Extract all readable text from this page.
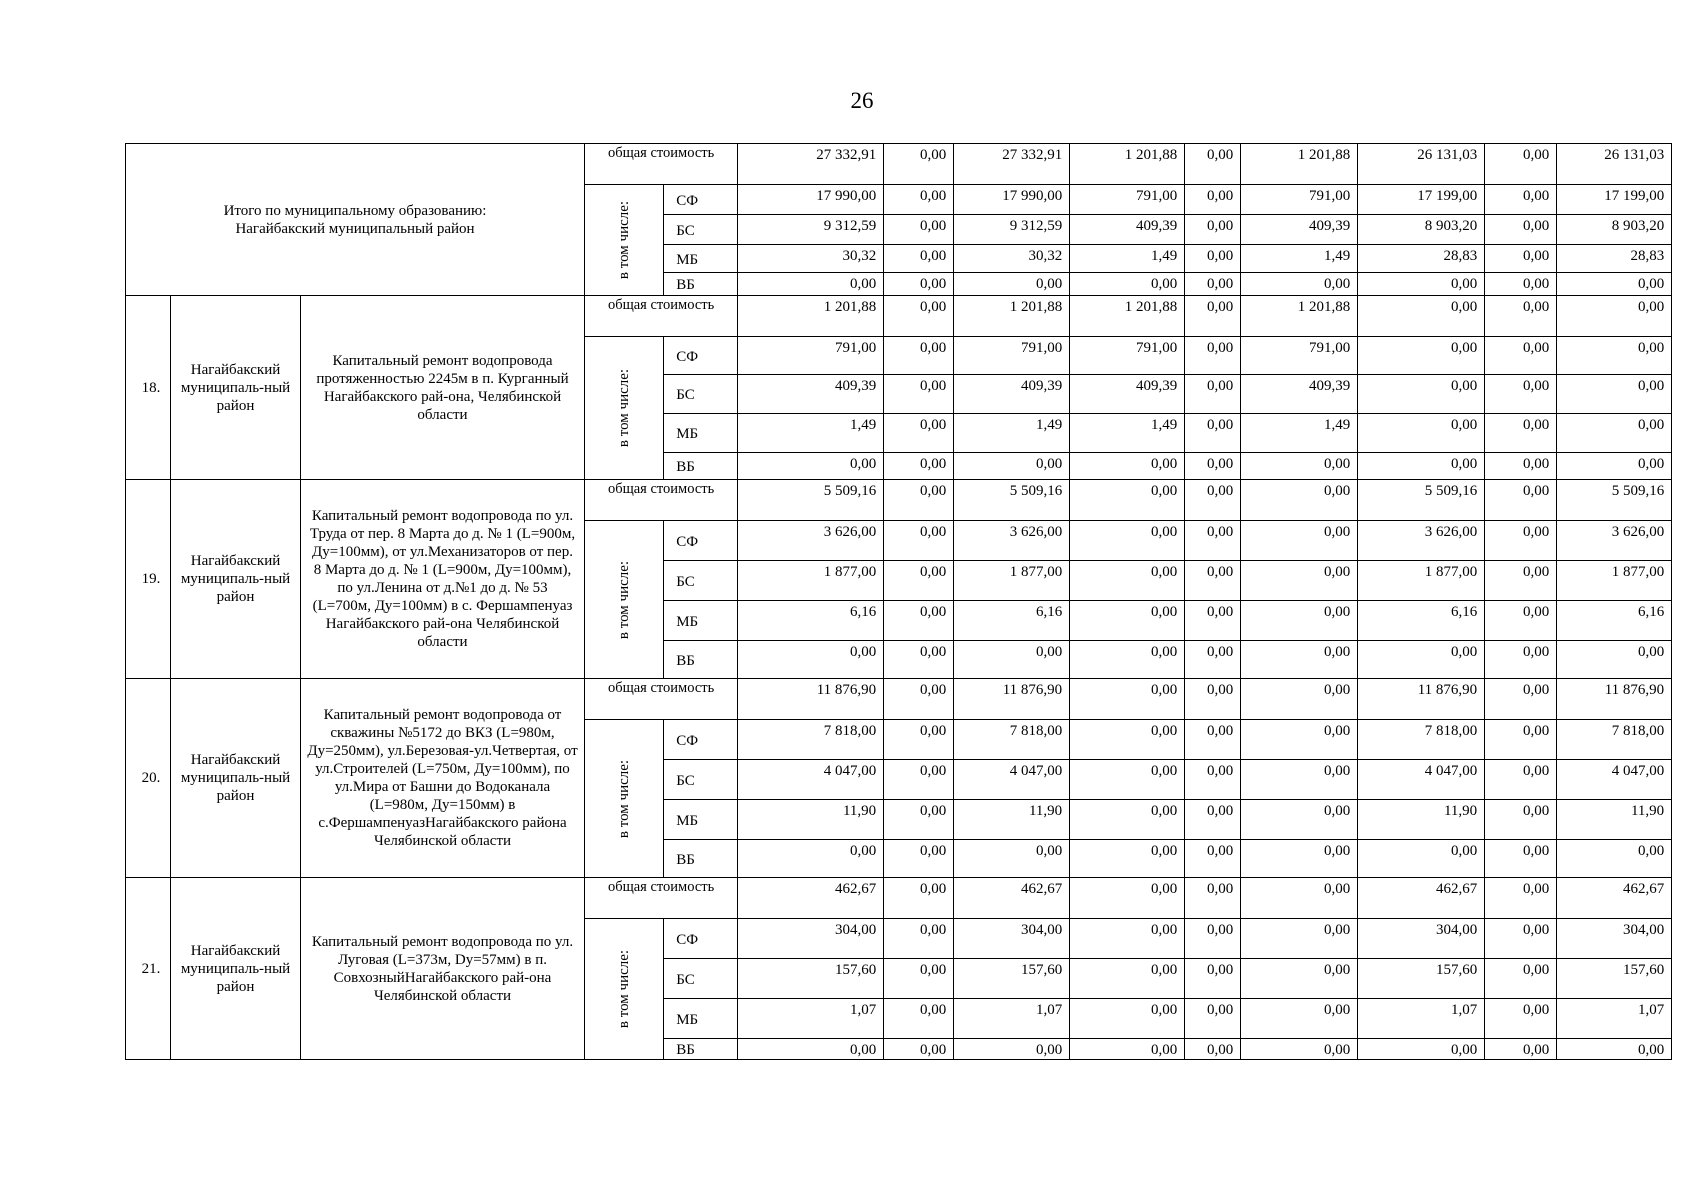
26
Итого по муниципальному образованию:
Нагайбакский муниципальный район			общая стоимость		27 332,91	0,00	27 332,91	1 201,88	0,00	1 201,88	26 131,03	0,00	26 131,03
			в том числе:	СФ	17 990,00	0,00	17 990,00	791,00	0,00	791,00	17 199,00	0,00	17 199,00
				БС	9 312,59	0,00	9 312,59	409,39	0,00	409,39	8 903,20	0,00	8 903,20
				МБ	30,32	0,00	30,32	1,49	0,00	1,49	28,83	0,00	28,83
				ВБ	0,00	0,00	0,00	0,00	0,00	0,00	0,00	0,00	0,00
18.	Нагайбакский муниципаль-ный район	Капитальный ремонт водопровода протяженностью 2245м в п. Курганный Нагайбакского рай-она, Челябинской области	общая стоимость		1 201,88	0,00	1 201,88	1 201,88	0,00	1 201,88	0,00	0,00	0,00
			в том числе:	СФ	791,00	0,00	791,00	791,00	0,00	791,00	0,00	0,00	0,00
				БС	409,39	0,00	409,39	409,39	0,00	409,39	0,00	0,00	0,00
				МБ	1,49	0,00	1,49	1,49	0,00	1,49	0,00	0,00	0,00
				ВБ	0,00	0,00	0,00	0,00	0,00	0,00	0,00	0,00	0,00
19.	Нагайбакский муниципаль-ный район	Капитальный ремонт водопровода по ул. Труда от пер. 8 Марта до д. № 1 (L=900м, Ду=100мм), от ул.Механизаторов от пер. 8 Марта до д. № 1 (L=900м, Ду=100мм), по ул.Ленина от д.№1 до д. № 53 (L=700м, Ду=100мм) в с. Фершампенуаз Нагайбакского рай-она Челябинской области	общая стоимость		5 509,16	0,00	5 509,16	0,00	0,00	0,00	5 509,16	0,00	5 509,16
			в том числе:	СФ	3 626,00	0,00	3 626,00	0,00	0,00	0,00	3 626,00	0,00	3 626,00
				БС	1 877,00	0,00	1 877,00	0,00	0,00	0,00	1 877,00	0,00	1 877,00
				МБ	6,16	0,00	6,16	0,00	0,00	0,00	6,16	0,00	6,16
				ВБ	0,00	0,00	0,00	0,00	0,00	0,00	0,00	0,00	0,00
20.	Нагайбакский муниципаль-ный район	Капитальный ремонт водопровода от скважины №5172 до ВКЗ (L=980м, Ду=250мм), ул.Березовая-ул.Четвертая, от ул.Строителей (L=750м, Ду=100мм), по ул.Мира от Башни до Водоканала (L=980м, Ду=150мм) в с.ФершампенуазНагайбакского района Челябинской области	общая стоимость		11 876,90	0,00	11 876,90	0,00	0,00	0,00	11 876,90	0,00	11 876,90
			в том числе:	СФ	7 818,00	0,00	7 818,00	0,00	0,00	0,00	7 818,00	0,00	7 818,00
				БС	4 047,00	0,00	4 047,00	0,00	0,00	0,00	4 047,00	0,00	4 047,00
				МБ	11,90	0,00	11,90	0,00	0,00	0,00	11,90	0,00	11,90
				ВБ	0,00	0,00	0,00	0,00	0,00	0,00	0,00	0,00	0,00
21.	Нагайбакский муниципаль-ный район	Капитальный ремонт водопровода по ул. Луговая (L=373м, Dy=57мм) в п. СовхозныйНагайбакского рай-она Челябинской области	общая стоимость		462,67	0,00	462,67	0,00	0,00	0,00	462,67	0,00	462,67
			в том числе:	СФ	304,00	0,00	304,00	0,00	0,00	0,00	304,00	0,00	304,00
				БС	157,60	0,00	157,60	0,00	0,00	0,00	157,60	0,00	157,60
				МБ	1,07	0,00	1,07	0,00	0,00	0,00	1,07	0,00	1,07
				ВБ	0,00	0,00	0,00	0,00	0,00	0,00	0,00	0,00	0,00
